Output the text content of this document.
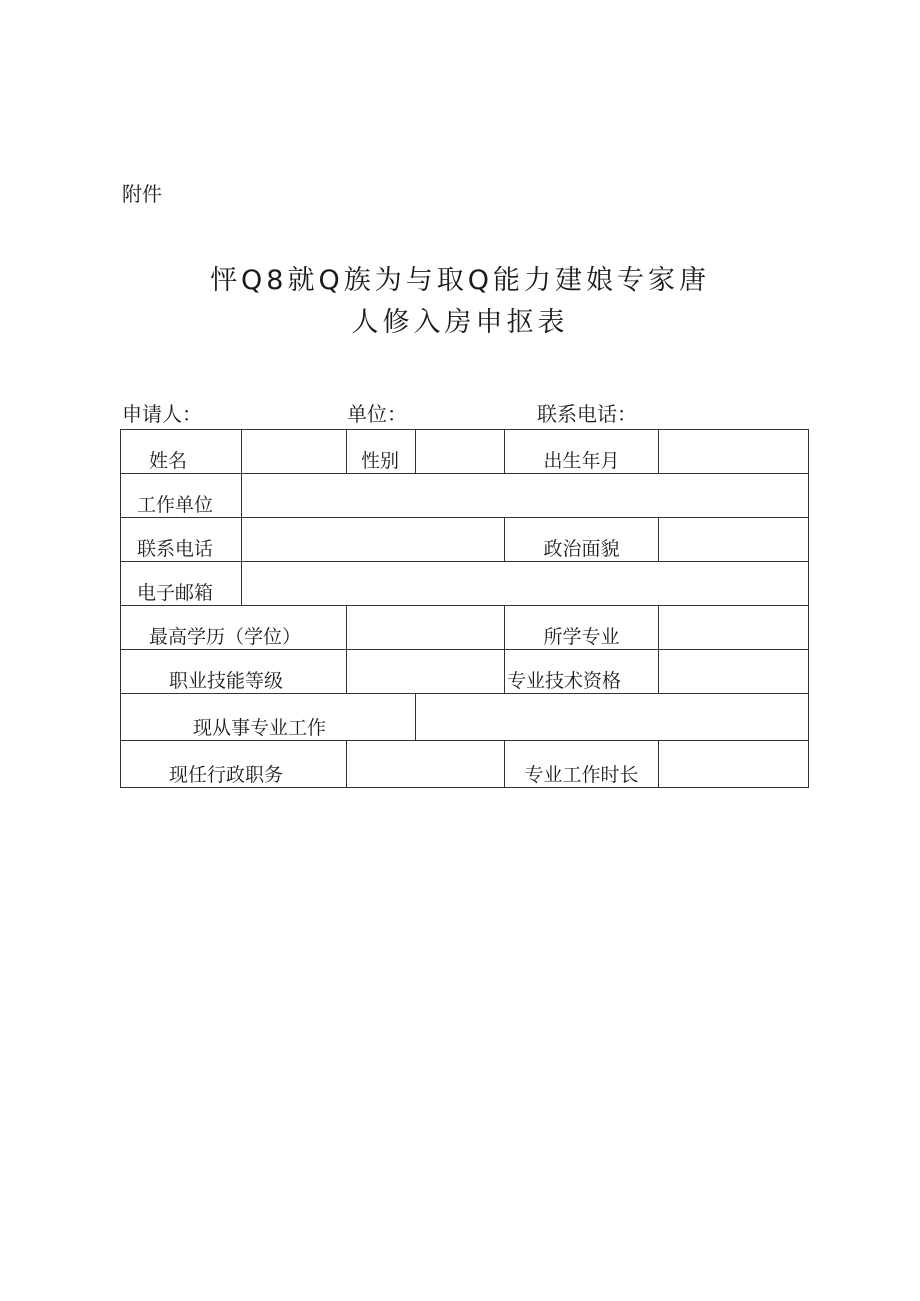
附件
怦Q8就Q族为与取Q能力建娘专家唐
人修入房申抠表
申请人：	单位：	联系电话：
姓名		性别		出生年月	
工作单位					
联系电话				政治面貌	
电子邮箱					
最高学历（学位）				所学专业	
职业技能等级				专业技术资格	
现从事专业工作					
现任行政职务				专业工作时长	
